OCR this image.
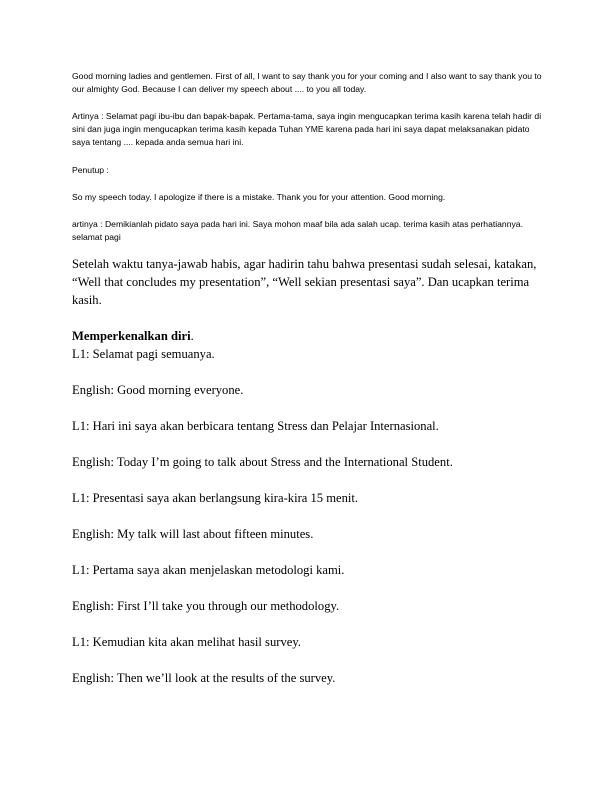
Good morning ladies and gentlemen. First of all, I want to say thank you for your coming and I also want to say thank you to our almighty God. Because I can deliver my speech about .... to you all today.
Artinya : Selamat pagi ibu-ibu dan bapak-bapak. Pertama-tama, saya ingin mengucapkan terima kasih karena telah hadir di sini dan juga ingin mengucapkan terima kasih kepada Tuhan YME karena pada hari ini saya dapat melaksanakan pidato saya tentang .... kepada anda semua hari ini.
Penutup :
So my speech today. I apologize if there is a mistake. Thank you for your attention. Good morning.
artinya : Demikianlah pidato saya pada hari ini. Saya mohon maaf bila ada salah ucap. terima kasih atas perhatiannya. selamat pagi
Setelah waktu tanya-jawab habis, agar hadirin tahu bahwa presentasi sudah selesai, katakan, “Well that concludes my presentation”, “Well sekian presentasi saya”. Dan ucapkan terima kasih.
Memperkenalkan diri.
L1: Selamat pagi semuanya.
English: Good morning everyone.
L1: Hari ini saya akan berbicara tentang Stress dan Pelajar Internasional.
English: Today I’m going to talk about Stress and the International Student.
L1: Presentasi saya akan berlangsung kira-kira 15 menit.
English: My talk will last about fifteen minutes.
L1: Pertama saya akan menjelaskan metodologi kami.
English: First I’ll take you through our methodology.
L1: Kemudian kita akan melihat hasil survey.
English: Then we’ll look at the results of the survey.
